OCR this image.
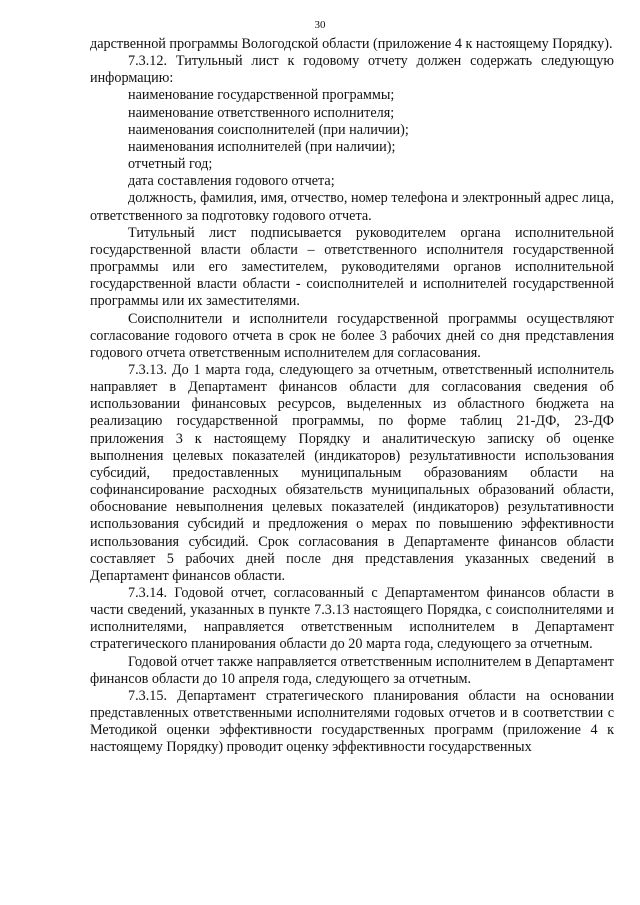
30

дарственной программы Вологодской области (приложение 4 к настоящему Порядку).

7.3.12. Титульный лист к годовому отчету должен содержать следующую информацию:

наименование государственной программы;

наименование ответственного исполнителя;

наименования соисполнителей (при наличии);

наименования исполнителей (при наличии);

отчетный год;

дата составления годового отчета;

должность, фамилия, имя, отчество, номер телефона и электронный адрес лица, ответственного за подготовку годового отчета.

Титульный лист подписывается руководителем органа исполнительной государственной власти области – ответственного исполнителя государственной программы или его заместителем, руководителями органов исполнительной государственной власти области - соисполнителей и исполнителей государственной программы или их заместителями.

Соисполнители и исполнители государственной программы осуществляют согласование годового отчета в срок не более 3 рабочих дней со дня представления годового отчета ответственным исполнителем для согласования.

7.3.13. До 1 марта года, следующего за отчетным, ответственный исполнитель направляет в Департамент финансов области для согласования сведения об использовании финансовых ресурсов, выделенных из областного бюджета на реализацию государственной программы, по форме таблиц 21-ДФ, 23-ДФ приложения 3 к настоящему Порядку и аналитическую записку об оценке выполнения целевых показателей (индикаторов) результативности использования субсидий, предоставленных муниципальным образованиям области на софинансирование расходных обязательств муниципальных образований области, обоснование невыполнения целевых показателей (индикаторов) результативности использования субсидий и предложения о мерах по повышению эффективности использования субсидий. Срок согласования в Департаменте финансов области составляет 5 рабочих дней после дня представления указанных сведений в Департамент финансов области.

7.3.14. Годовой отчет, согласованный с Департаментом финансов области в части сведений, указанных в пункте 7.3.13 настоящего Порядка, с соисполнителями и исполнителями, направляется ответственным исполнителем в Департамент стратегического планирования области до 20 марта года, следующего за отчетным.

Годовой отчет также направляется ответственным исполнителем в Департамент финансов области до 10 апреля года, следующего за отчетным.

7.3.15. Департамент стратегического планирования области на основании представленных ответственными исполнителями годовых отчетов и в соответствии с Методикой оценки эффективности государственных программ (приложение 4 к настоящему Порядку) проводит оценку эффективности государственных
